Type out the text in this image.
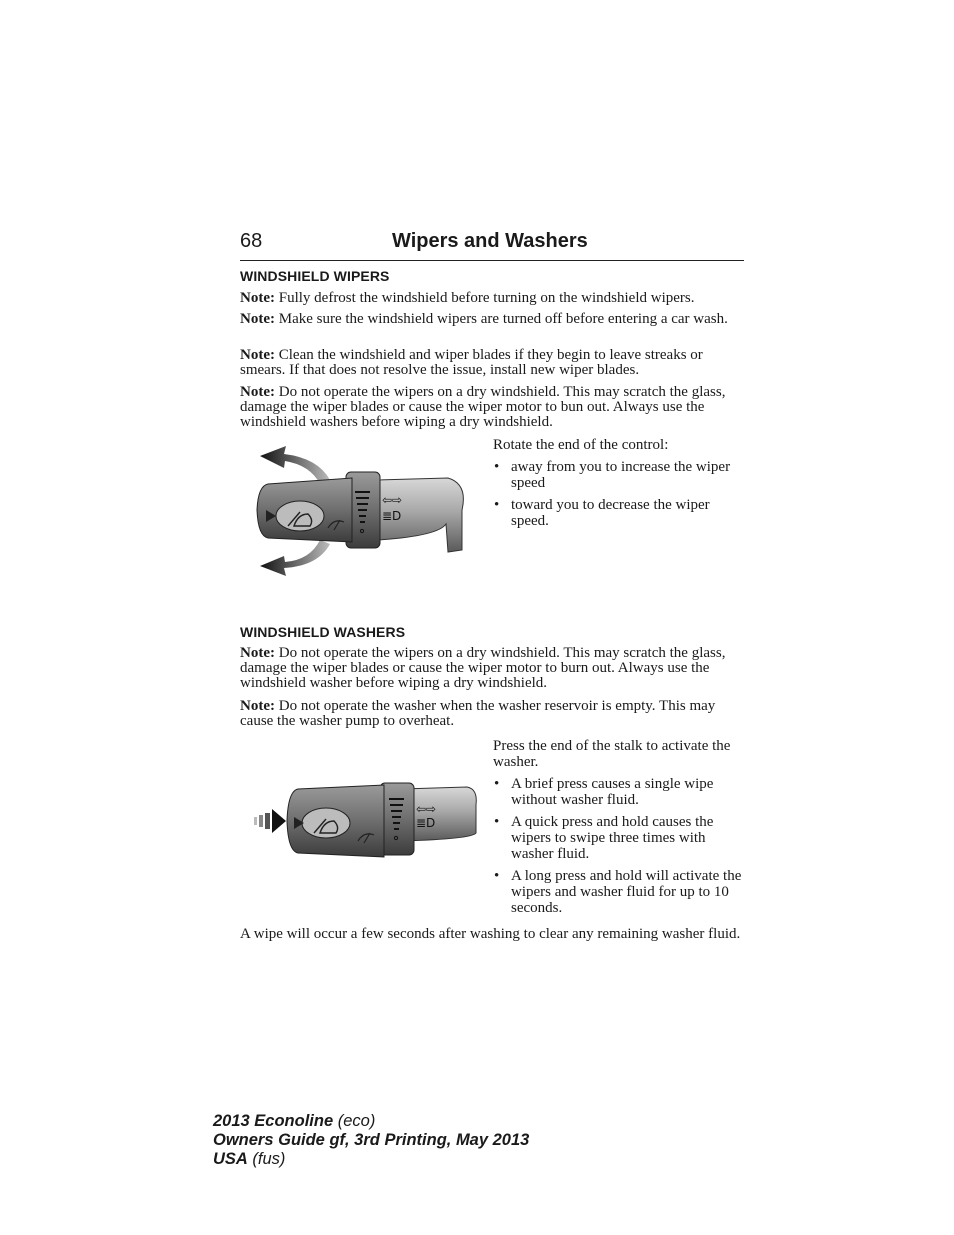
68	Wipers and Washers
WINDSHIELD WIPERS

Note: Fully defrost the windshield before turning on the windshield wipers.

Note: Make sure the windshield wipers are turned off before entering a car wash.

Note: Clean the windshield and wiper blades if they begin to leave streaks or smears. If that does not resolve the issue, install new wiper blades.

Note: Do not operate the wipers on a dry windshield. This may scratch the glass, damage the wiper blades or cause the wiper motor to bun out. Always use the windshield washers before wiping a dry windshield.

⇦⇨
≣D

Rotate the end of the control:

• away from you to increase the wiper speed
• toward you to decrease the wiper speed.
WINDSHIELD WASHERS

Note: Do not operate the wipers on a dry windshield. This may scratch the glass, damage the wiper blades or cause the wiper motor to burn out. Always use the windshield washer before wiping a dry windshield.

Note: Do not operate the washer when the washer reservoir is empty. This may cause the washer pump to overheat.

⇦⇨
≣D

Press the end of the stalk to activate the washer.

• A brief press causes a single wipe without washer fluid.
• A quick press and hold causes the wipers to swipe three times with washer fluid.
• A long press and hold will activate the wipers and washer fluid for up to 10 seconds.

A wipe will occur a few seconds after washing to clear any remaining washer fluid.

2013 Econoline (eco)
Owners Guide gf, 3rd Printing, May 2013
USA (fus)
